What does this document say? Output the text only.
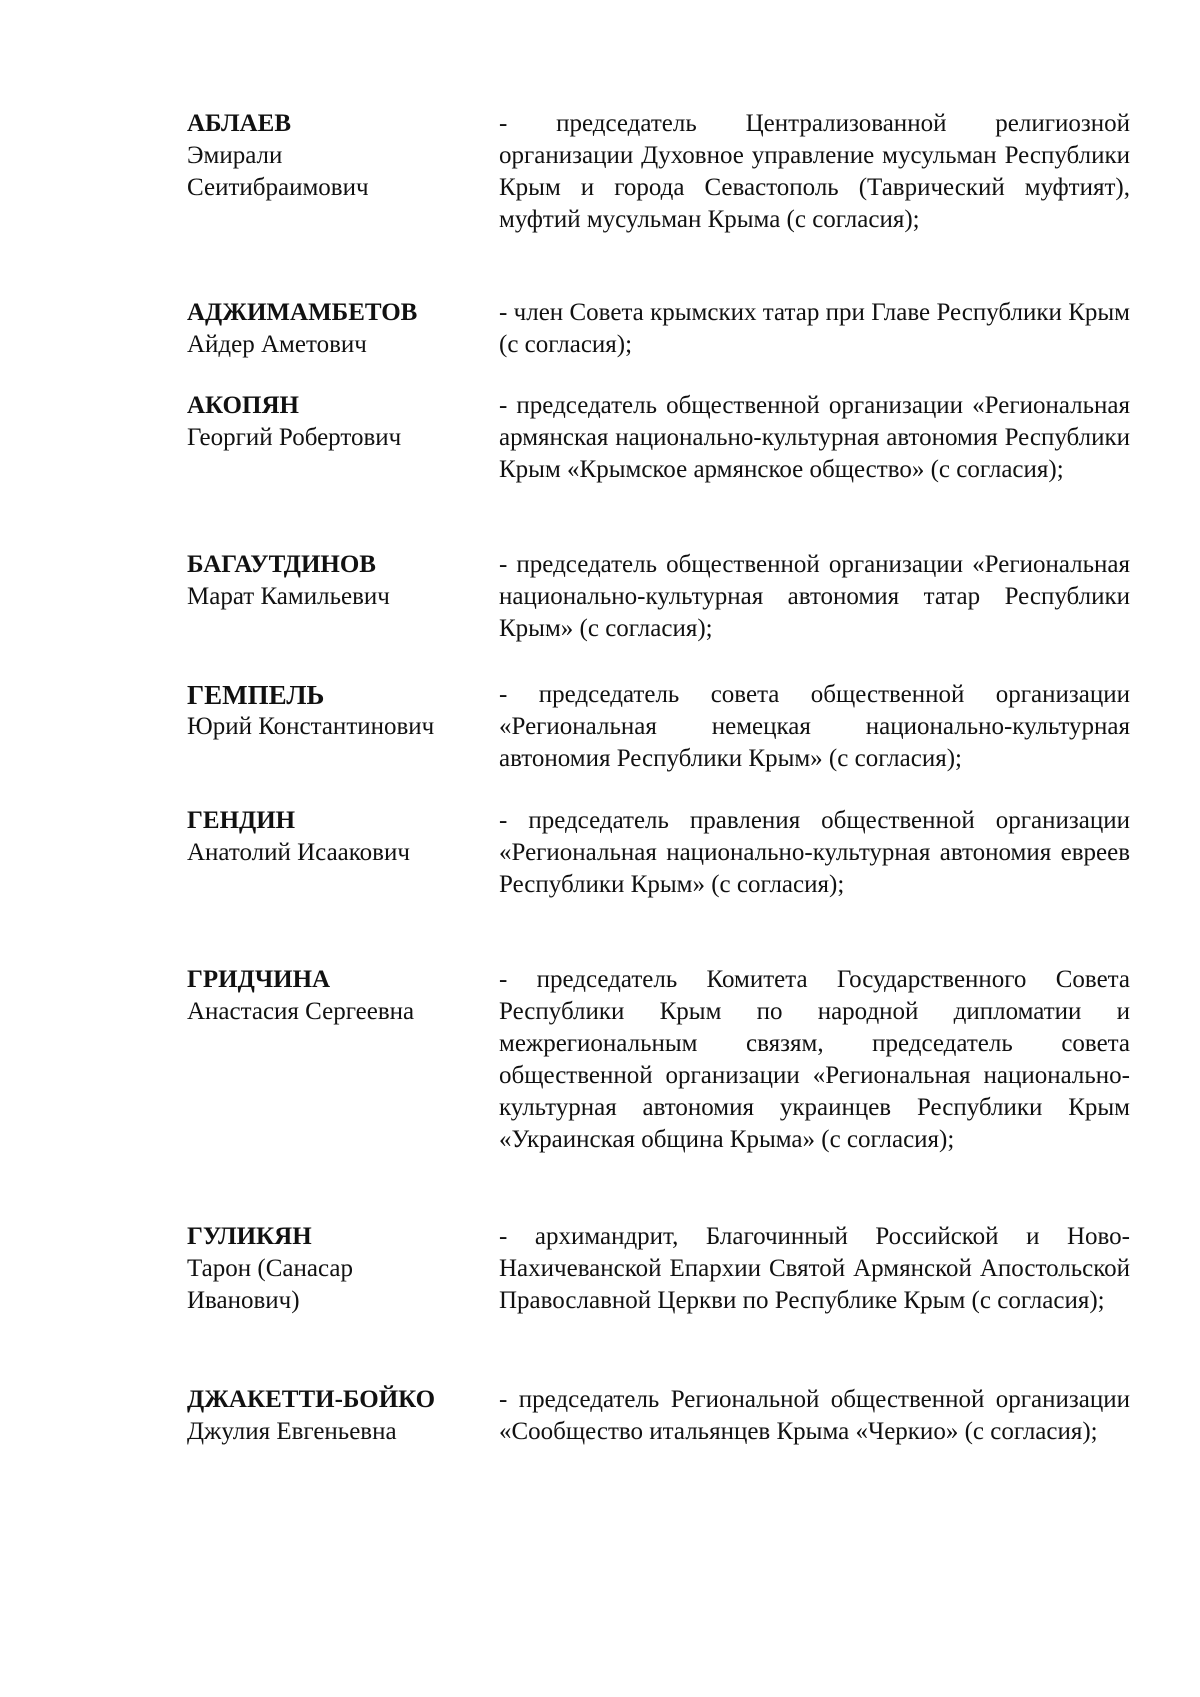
АБЛАЕВ
Эмирали Сеитибраимович
- председатель Централизованной религиозной организации Духовное управление мусульман Республики Крым и города Севастополь (Таврический муфтият), муфтий мусульман Крыма (с согласия);
АДЖИМАМБЕТОВ
Айдер Аметович
- член Совета крымских татар при Главе Республики Крым (с согласия);
АКОПЯН
Георгий Робертович
- председатель общественной организации «Региональная армянская национально-культурная автономия Республики Крым «Крымское армянское общество» (с согласия);
БАГАУТДИНОВ
Марат Камильевич
- председатель общественной организации «Региональная национально-культурная автономия татар Республики Крым» (с согласия);
ГЕМПЕЛЬ
Юрий Константинович
- председатель совета общественной организации «Региональная немецкая национально-культурная автономия Республики Крым» (с согласия);
ГЕНДИН
Анатолий Исаакович
- председатель правления общественной организации «Региональная национально-культурная автономия евреев Республики Крым» (с согласия);
ГРИДЧИНА
Анастасия Сергеевна
- председатель Комитета Государственного Совета Республики Крым по народной дипломатии и межрегиональным связям, председатель совета общественной организации «Региональная национально-культурная автономия украинцев Республики Крым «Украинская община Крыма» (с согласия);
ГУЛИКЯН
Тарон (Санасар Иванович)
- архимандрит, Благочинный Российской и Ново-Нахичеванской Епархии Святой Армянской Апостольской Православной Церкви по Республике Крым (с согласия);
ДЖАКЕТТИ-БОЙКО
Джулия Евгеньевна
- председатель Региональной общественной организации «Сообщество итальянцев Крыма «Черкио» (с согласия);
